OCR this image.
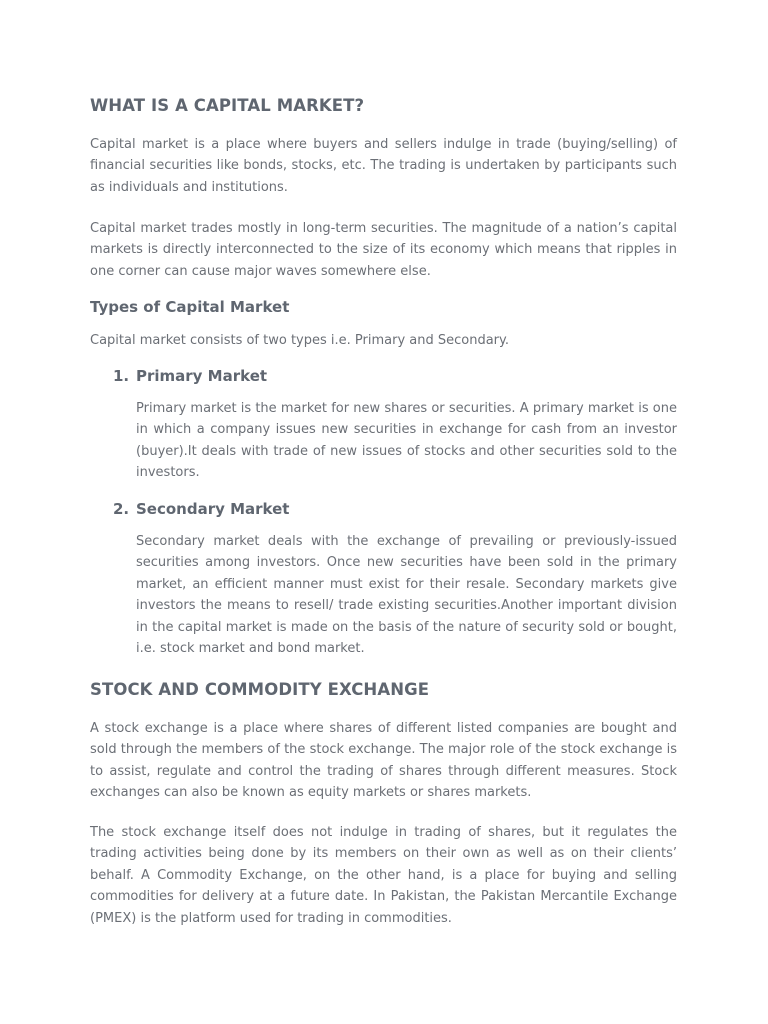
WHAT IS A CAPITAL MARKET?

Capital market is a place where buyers and sellers indulge in trade (buying/selling) of financial securities like bonds, stocks, etc. The trading is undertaken by participants such as individuals and institutions.

Capital market trades mostly in long-term securities. The magnitude of a nation’s capital markets is directly interconnected to the size of its economy which means that ripples in one corner can cause major waves somewhere else.

Types of Capital Market

Capital market consists of two types i.e. Primary and Secondary.

1. Primary Market

Primary market is the market for new shares or securities. A primary market is one in which a company issues new securities in exchange for cash from an investor (buyer).It deals with trade of new issues of stocks and other securities sold to the investors.

2. Secondary Market

Secondary market deals with the exchange of prevailing or previously-issued securities among investors. Once new securities have been sold in the primary market, an efficient manner must exist for their resale. Secondary markets give investors the means to resell/ trade existing securities.Another important division in the capital market is made on the basis of the nature of security sold or bought, i.e. stock market and bond market.

STOCK AND COMMODITY EXCHANGE

A stock exchange is a place where shares of different listed companies are bought and sold through the members of the stock exchange. The major role of the stock exchange is to assist, regulate and control the trading of shares through different measures. Stock exchanges can also be known as equity markets or shares markets.

The stock exchange itself does not indulge in trading of shares, but it regulates the trading activities being done by its members on their own as well as on their clients’ behalf. A Commodity Exchange, on the other hand, is a place for buying and selling commodities for delivery at a future date. In Pakistan, the Pakistan Mercantile Exchange (PMEX) is the platform used for trading in commodities.
